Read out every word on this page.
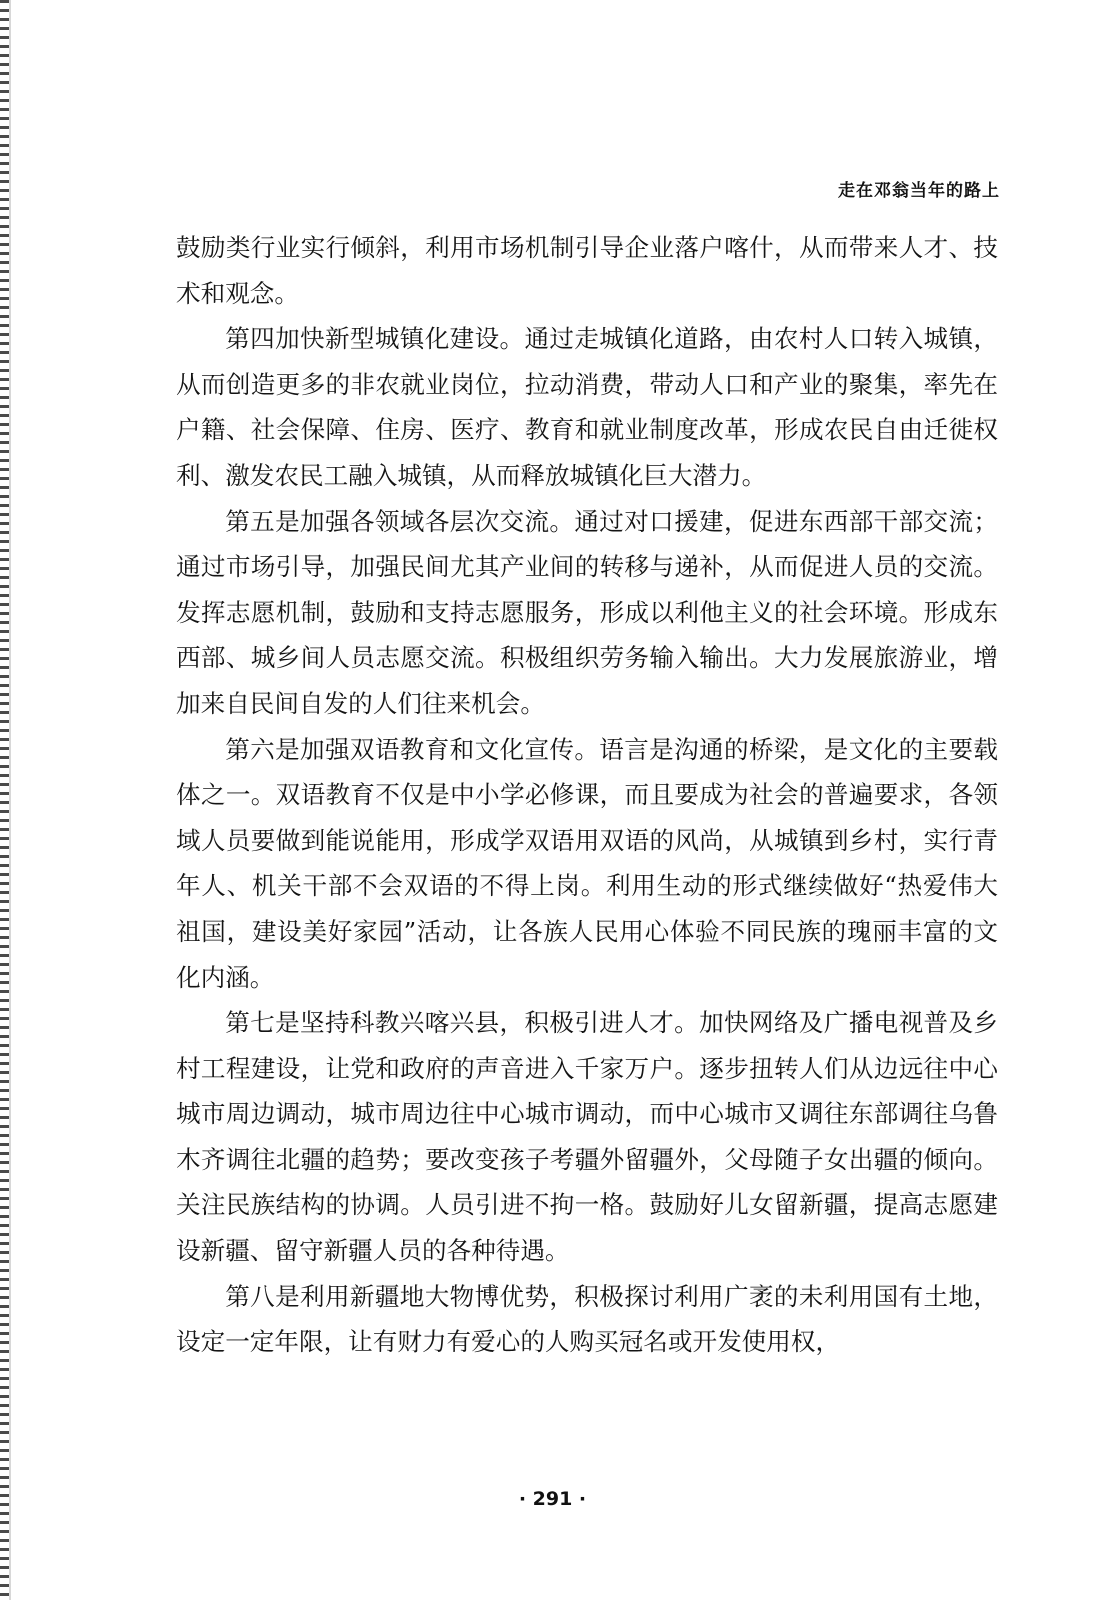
走在邓翁当年的路上

鼓励类行业实行倾斜，利用市场机制引导企业落户喀什，从而带来人才、技术和观念。

第四加快新型城镇化建设。通过走城镇化道路，由农村人口转入城镇，从而创造更多的非农就业岗位，拉动消费，带动人口和产业的聚集，率先在户籍、社会保障、住房、医疗、教育和就业制度改革，形成农民自由迁徙权利、激发农民工融入城镇，从而释放城镇化巨大潜力。

第五是加强各领域各层次交流。通过对口援建，促进东西部干部交流；通过市场引导，加强民间尤其产业间的转移与递补，从而促进人员的交流。发挥志愿机制，鼓励和支持志愿服务，形成以利他主义的社会环境。形成东西部、城乡间人员志愿交流。积极组织劳务输入输出。大力发展旅游业，增加来自民间自发的人们往来机会。

第六是加强双语教育和文化宣传。语言是沟通的桥梁，是文化的主要载体之一。双语教育不仅是中小学必修课，而且要成为社会的普遍要求，各领域人员要做到能说能用，形成学双语用双语的风尚，从城镇到乡村，实行青年人、机关干部不会双语的不得上岗。利用生动的形式继续做好“热爱伟大祖国，建设美好家园”活动，让各族人民用心体验不同民族的瑰丽丰富的文化内涵。

第七是坚持科教兴喀兴县，积极引进人才。加快网络及广播电视普及乡村工程建设，让党和政府的声音进入千家万户。逐步扭转人们从边远往中心城市周边调动，城市周边往中心城市调动，而中心城市又调往东部调往乌鲁木齐调往北疆的趋势；要改变孩子考疆外留疆外，父母随子女出疆的倾向。关注民族结构的协调。人员引进不拘一格。鼓励好儿女留新疆，提高志愿建设新疆、留守新疆人员的各种待遇。

第八是利用新疆地大物博优势，积极探讨利用广袤的未利用国有土地，设定一定年限，让有财力有爱心的人购买冠名或开发使用权，

· 291 ·
